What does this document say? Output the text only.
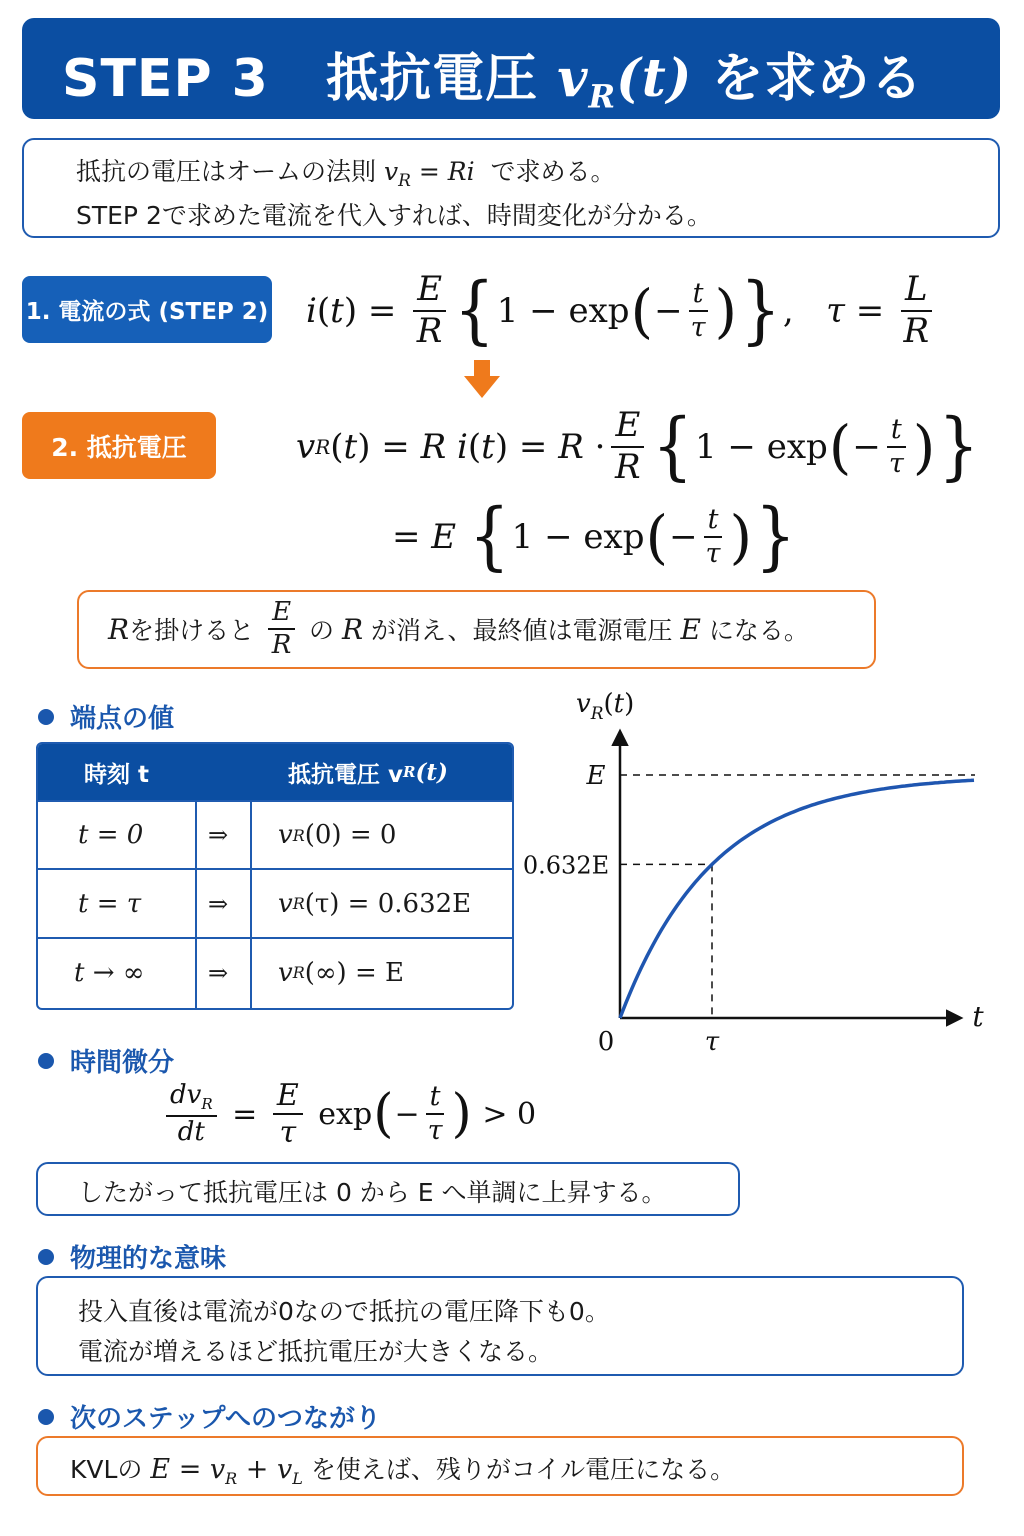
STEP 3 抵抗電圧 $v_R(t)$ を求める
抵抗の電圧はオームの法則 $v_R = Ri$ で求める。
STEP 2で求めた電流を代入すれば、時間変化が分かる。
1. 電流の式 (STEP 2) i ( t ) = $\frac{E}{R}$ { 1 − exp ( − $\frac{t}{\tau}$ ) } , $\tau = \frac{L}{R}$
2. 抵抗電圧	v R ( t ) = R
i ( t ) = $R \cdot \frac{E}{R}$ { 1 − exp ( − $\frac{t}{\tau}$ ) }
= E
{ 1 − exp ( − $\frac{t}{\tau}$ ) }
R を掛けると
$\frac{E}{R}$
の
R
が消え、最終値は電源電圧
E
になる。
端点の値
時刻 t	抵抗電圧 v R (t)
t = 0	⇒ v R (0) = 0
t = τ	⇒ v R (τ) = 0.632E
t → ∞	⇒ v R (∞) = E
$v_R(t)$
E
0.632E
0	τ
t
時間微分
$\frac{dv_R}{dt} = \frac{E}{\tau}$ exp ( − $\frac{t}{\tau}$ ) > 0
したがって抵抗電圧は 0 から E へ単調に上昇する。
物理的な意味
投入直後は電流が0なので抵抗の電圧降下も0。
電流が増えるほど抵抗電圧が大きくなる。
次のステップへのつながり
KVLの $E = v_R + v_L$ を使えば、残りがコイル電圧になる。
